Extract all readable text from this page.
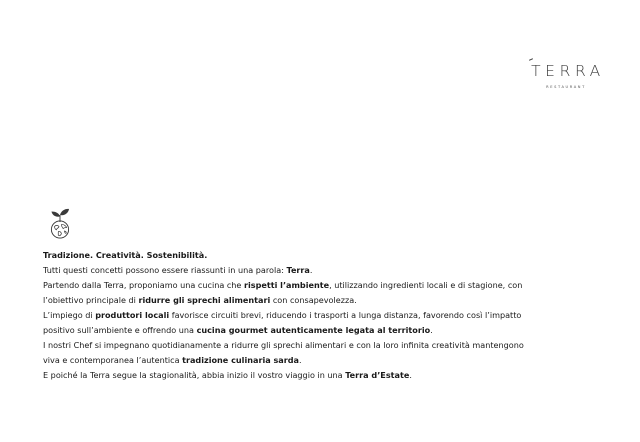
TERRA
RESTAURANT

Tradizione. Creatività. Sostenibilità.

Tutti questi concetti possono essere riassunti in una parola: Terra.

Partendo dalla Terra, proponiamo una cucina che rispetti l’ambiente, utilizzando ingredienti locali e di stagione, con

l’obiettivo principale di ridurre gli sprechi alimentari con consapevolezza.

L’impiego di produttori locali favorisce circuiti brevi, riducendo i trasporti a lunga distanza, favorendo così l’impatto

positivo sull’ambiente e offrendo una cucina gourmet autenticamente legata al territorio.

I nostri Chef si impegnano quotidianamente a ridurre gli sprechi alimentari e con la loro infinita creatività mantengono

viva e contemporanea l’autentica tradizione culinaria sarda.

E poiché la Terra segue la stagionalità, abbia inizio il vostro viaggio in una Terra d’Estate.
